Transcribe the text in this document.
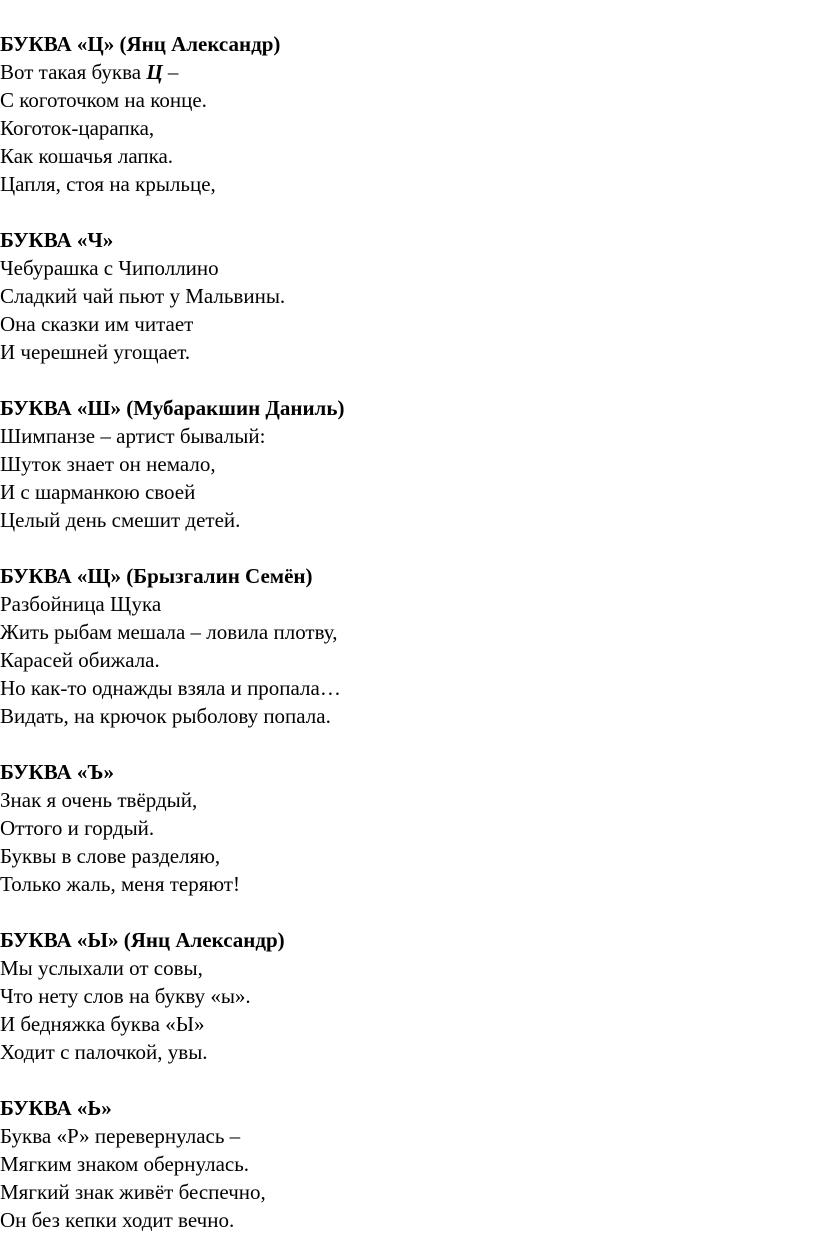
БУКВА «Ц» (Янц Александр)
Вот такая буква Ц –
С коготочком на конце.
Коготок-царапка,
Как кошачья лапка.
Цапля, стоя на крыльце,
БУКВА «Ч»
Чебурашка с Чиполлино
Сладкий чай пьют у Мальвины.
Она сказки им читает
И черешней угощает.
БУКВА «Ш» (Мубаракшин Даниль)
Шимпанзе – артист бывалый:
Шуток знает он немало,
И с шарманкою своей
Целый день смешит детей.
БУКВА «Щ» (Брызгалин Семён)
Разбойница Щука
Жить рыбам мешала – ловила плотву,
Карасей обижала.
Но как-то однажды взяла и пропала…
Видать, на крючок рыболову попала.
БУКВА «Ъ»
Знак я очень твёрдый,
Оттого и гордый.
Буквы в слове разделяю,
Только жаль, меня теряют!
БУКВА «Ы» (Янц Александр)
Мы услыхали от совы,
Что нету слов на букву «ы».
И бедняжка буква «Ы»
Ходит с палочкой, увы.
БУКВА «Ь»
Буква «Р» перевернулась –
Мягким знаком обернулась.
Мягкий знак живёт беспечно,
Он без кепки ходит вечно.
